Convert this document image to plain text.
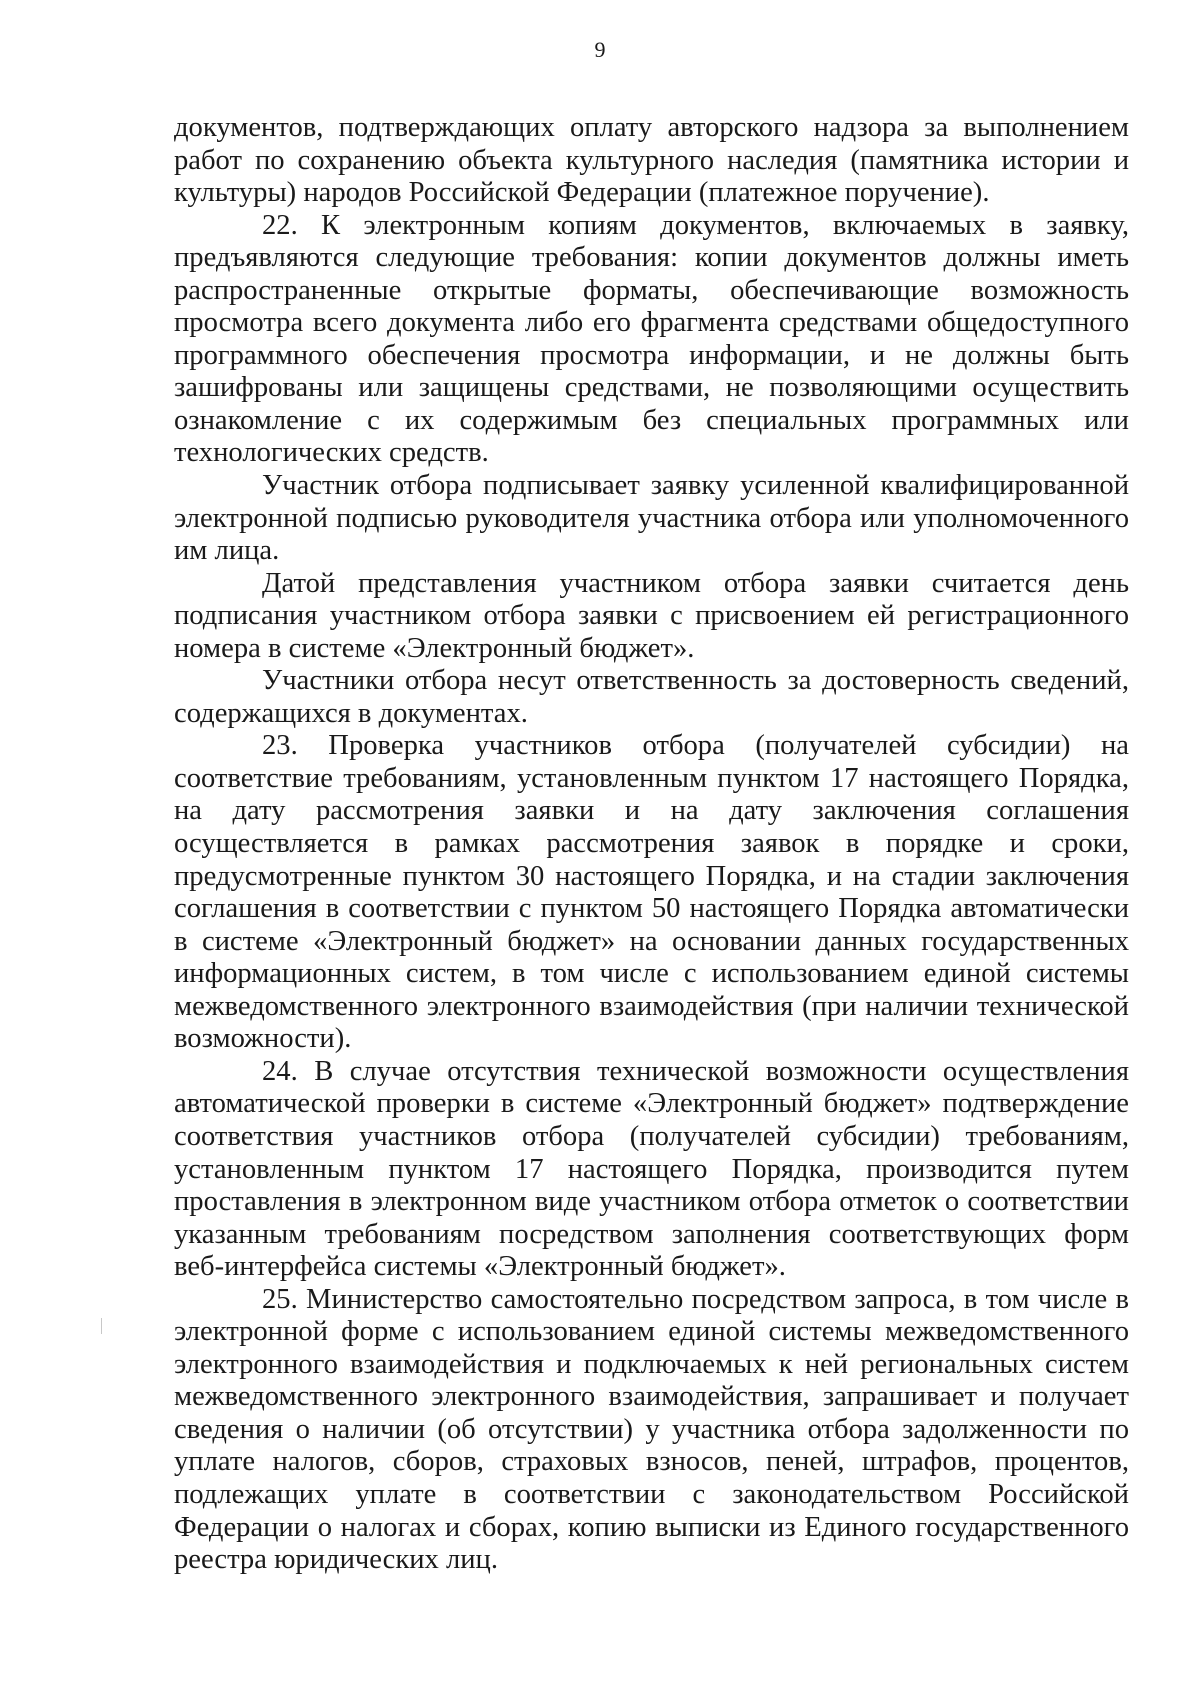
9

документов, подтверждающих оплату авторского надзора за выполнением работ по сохранению объекта культурного наследия (памятника истории и культуры) народов Российской Федерации (платежное поручение).

22. К электронным копиям документов, включаемых в заявку, предъявляются следующие требования: копии документов должны иметь распространенные открытые форматы, обеспечивающие возможность просмотра всего документа либо его фрагмента средствами общедоступного программного обеспечения просмотра информации, и не должны быть зашифрованы или защищены средствами, не позволяющими осуществить ознакомление с их содержимым без специальных программных или технологических средств.

Участник отбора подписывает заявку усиленной квалифицированной электронной подписью руководителя участника отбора или уполномоченного им лица.

Датой представления участником отбора заявки считается день подписания участником отбора заявки с присвоением ей регистрационного номера в системе «Электронный бюджет».

Участники отбора несут ответственность за достоверность сведений, содержащихся в документах.

23. Проверка участников отбора (получателей субсидии) на соответствие требованиям, установленным пунктом 17 настоящего Порядка, на дату рассмотрения заявки и на дату заключения соглашения осуществляется в рамках рассмотрения заявок в порядке и сроки, предусмотренные пунктом 30 настоящего Порядка, и на стадии заключения соглашения в соответствии с пунктом 50 настоящего Порядка автоматически в системе «Электронный бюджет» на основании данных государственных информационных систем, в том числе с использованием единой системы межведомственного электронного взаимодействия (при наличии технической возможности).

24. В случае отсутствия технической возможности осуществления автоматической проверки в системе «Электронный бюджет» подтверждение соответствия участников отбора (получателей субсидии) требованиям, установленным пунктом 17 настоящего Порядка, производится путем проставления в электронном виде участником отбора отметок о соответствии указанным требованиям посредством заполнения соответствующих форм веб-интерфейса системы «Электронный бюджет».

25. Министерство самостоятельно посредством запроса, в том числе в электронной форме с использованием единой системы межведомственного электронного взаимодействия и подключаемых к ней региональных систем межведомственного электронного взаимодействия, запрашивает и получает сведения о наличии (об отсутствии) у участника отбора задолженности по уплате налогов, сборов, страховых взносов, пеней, штрафов, процентов, подлежащих уплате в соответствии с законодательством Российской Федерации о налогах и сборах, копию выписки из Единого государственного реестра юридических лиц.
